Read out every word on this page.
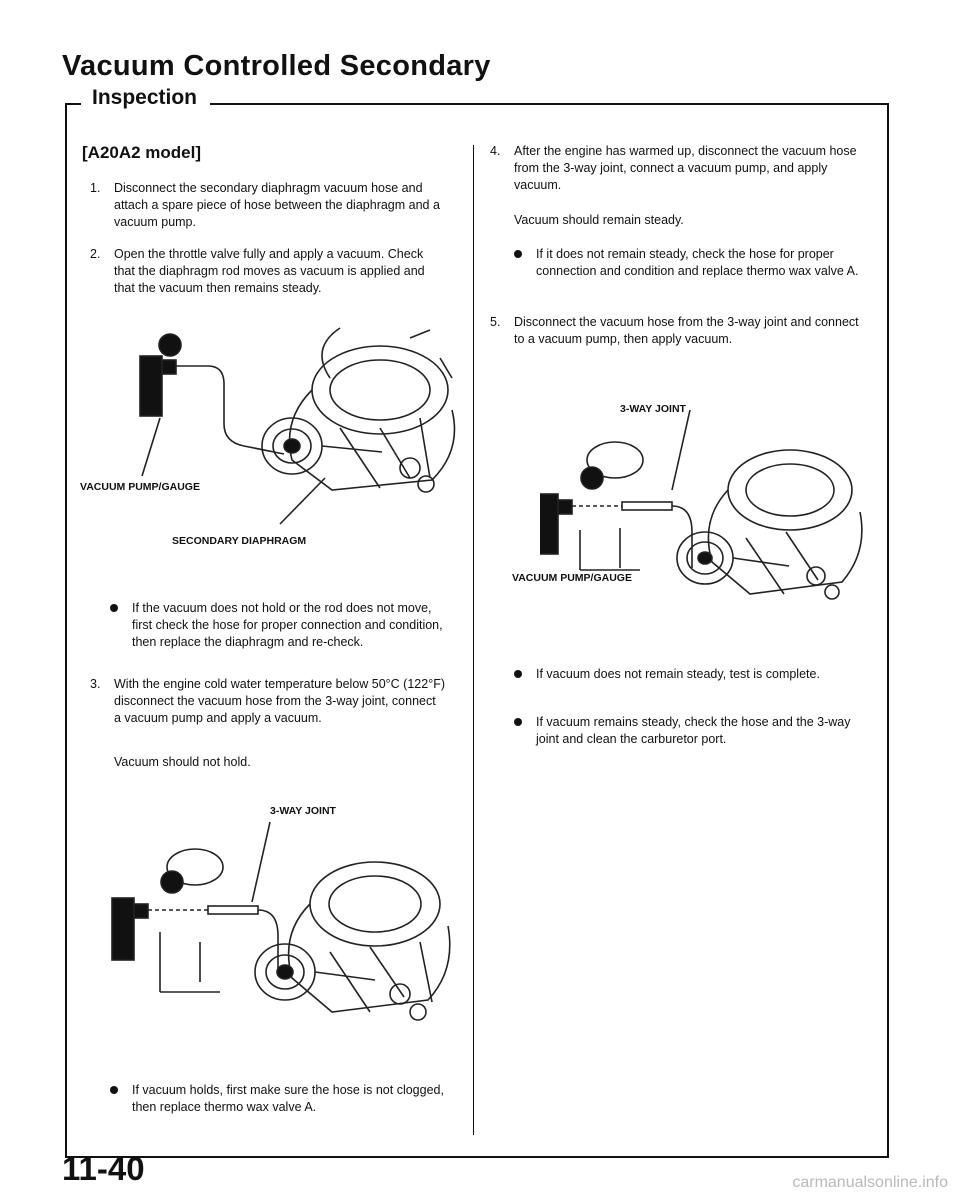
Vacuum Controlled Secondary
Inspection

[A20A2 model]

1.	Disconnect the secondary diaphragm vacuum hose and attach a spare piece of hose between the diaphragm and a vacuum pump.
2.	Open the throttle valve fully and apply a vacuum. Check that the diaphragm rod moves as vacuum is applied and that the vacuum then remains steady.

VACUUM PUMP/GAUGE

SECONDARY DIAPHRAGM

If the vacuum does not hold or the rod does not move, first check the hose for proper connection and condition, then replace the diaphragm and re-check.
3.	With the engine cold water temperature below 50°C (122°F) disconnect the vacuum hose from the 3-way joint, connect a vacuum pump and apply a vacuum.

Vacuum should not hold.

3-WAY JOINT

If vacuum holds, first make sure the hose is not clogged, then replace thermo wax valve A.
4.	After the engine has warmed up, disconnect the vacuum hose from the 3-way joint, connect a vacuum pump, and apply vacuum.

Vacuum should remain steady.

If it does not remain steady, check the hose for proper connection and condition and replace thermo wax valve A.
5.	Disconnect the vacuum hose from the 3-way joint and connect to a vacuum pump, then apply vacuum.

3-WAY JOINT

VACUUM PUMP/GAUGE

If vacuum does not remain steady, test is complete.
If vacuum remains steady, check the hose and the 3-way joint and clean the carburetor port.

11-40	carmanualsonline.info
